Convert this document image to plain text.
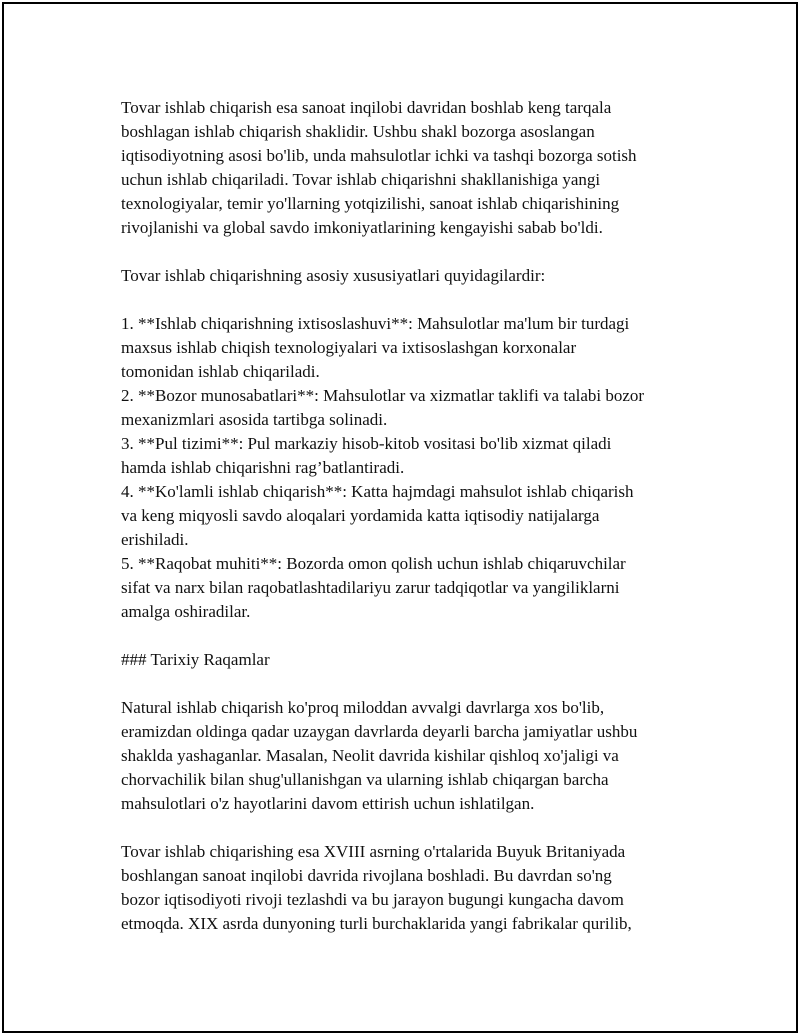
Tovar ishlab chiqarish esa sanoat inqilobi davridan boshlab keng tarqala
boshlagan ishlab chiqarish shaklidir. Ushbu shakl bozorga asoslangan
iqtisodiyotning asosi bo'lib, unda mahsulotlar ichki va tashqi bozorga sotish
uchun ishlab chiqariladi. Tovar ishlab chiqarishni shakllanishiga yangi
texnologiyalar, temir yo'llarning yotqizilishi, sanoat ishlab chiqarishining
rivojlanishi va global savdo imkoniyatlarining kengayishi sabab bo'ldi.

Tovar ishlab chiqarishning asosiy xususiyatlari quyidagilardir:

1. **Ishlab chiqarishning ixtisoslashuvi**: Mahsulotlar ma'lum bir turdagi
maxsus ishlab chiqish texnologiyalari va ixtisoslashgan korxonalar
tomonidan ishlab chiqariladi.
2. **Bozor munosabatlari**: Mahsulotlar va xizmatlar taklifi va talabi bozor
mexanizmlari asosida tartibga solinadi.
3. **Pul tizimi**: Pul markaziy hisob-kitob vositasi bo'lib xizmat qiladi
hamda ishlab chiqarishni rag’batlantiradi.
4. **Ko'lamli ishlab chiqarish**: Katta hajmdagi mahsulot ishlab chiqarish
va keng miqyosli savdo aloqalari yordamida katta iqtisodiy natijalarga
erishiladi.
5. **Raqobat muhiti**: Bozorda omon qolish uchun ishlab chiqaruvchilar
sifat va narx bilan raqobatlashtadilariyu zarur tadqiqotlar va yangiliklarni
amalga oshiradilar.

### Tarixiy Raqamlar

Natural ishlab chiqarish ko'proq miloddan avvalgi davrlarga xos bo'lib,
eramizdan oldinga qadar uzaygan davrlarda deyarli barcha jamiyatlar ushbu
shaklda yashaganlar. Masalan, Neolit davrida kishilar qishloq xo'jaligi va
chorvachilik bilan shug'ullanishgan va ularning ishlab chiqargan barcha
mahsulotlari o'z hayotlarini davom ettirish uchun ishlatilgan.

Tovar ishlab chiqarishing esa XVIII asrning o'rtalarida Buyuk Britaniyada
boshlangan sanoat inqilobi davrida rivojlana boshladi. Bu davrdan so'ng
bozor iqtisodiyoti rivoji tezlashdi va bu jarayon bugungi kungacha davom
etmoqda. XIX asrda dunyoning turli burchaklarida yangi fabrikalar qurilib,
